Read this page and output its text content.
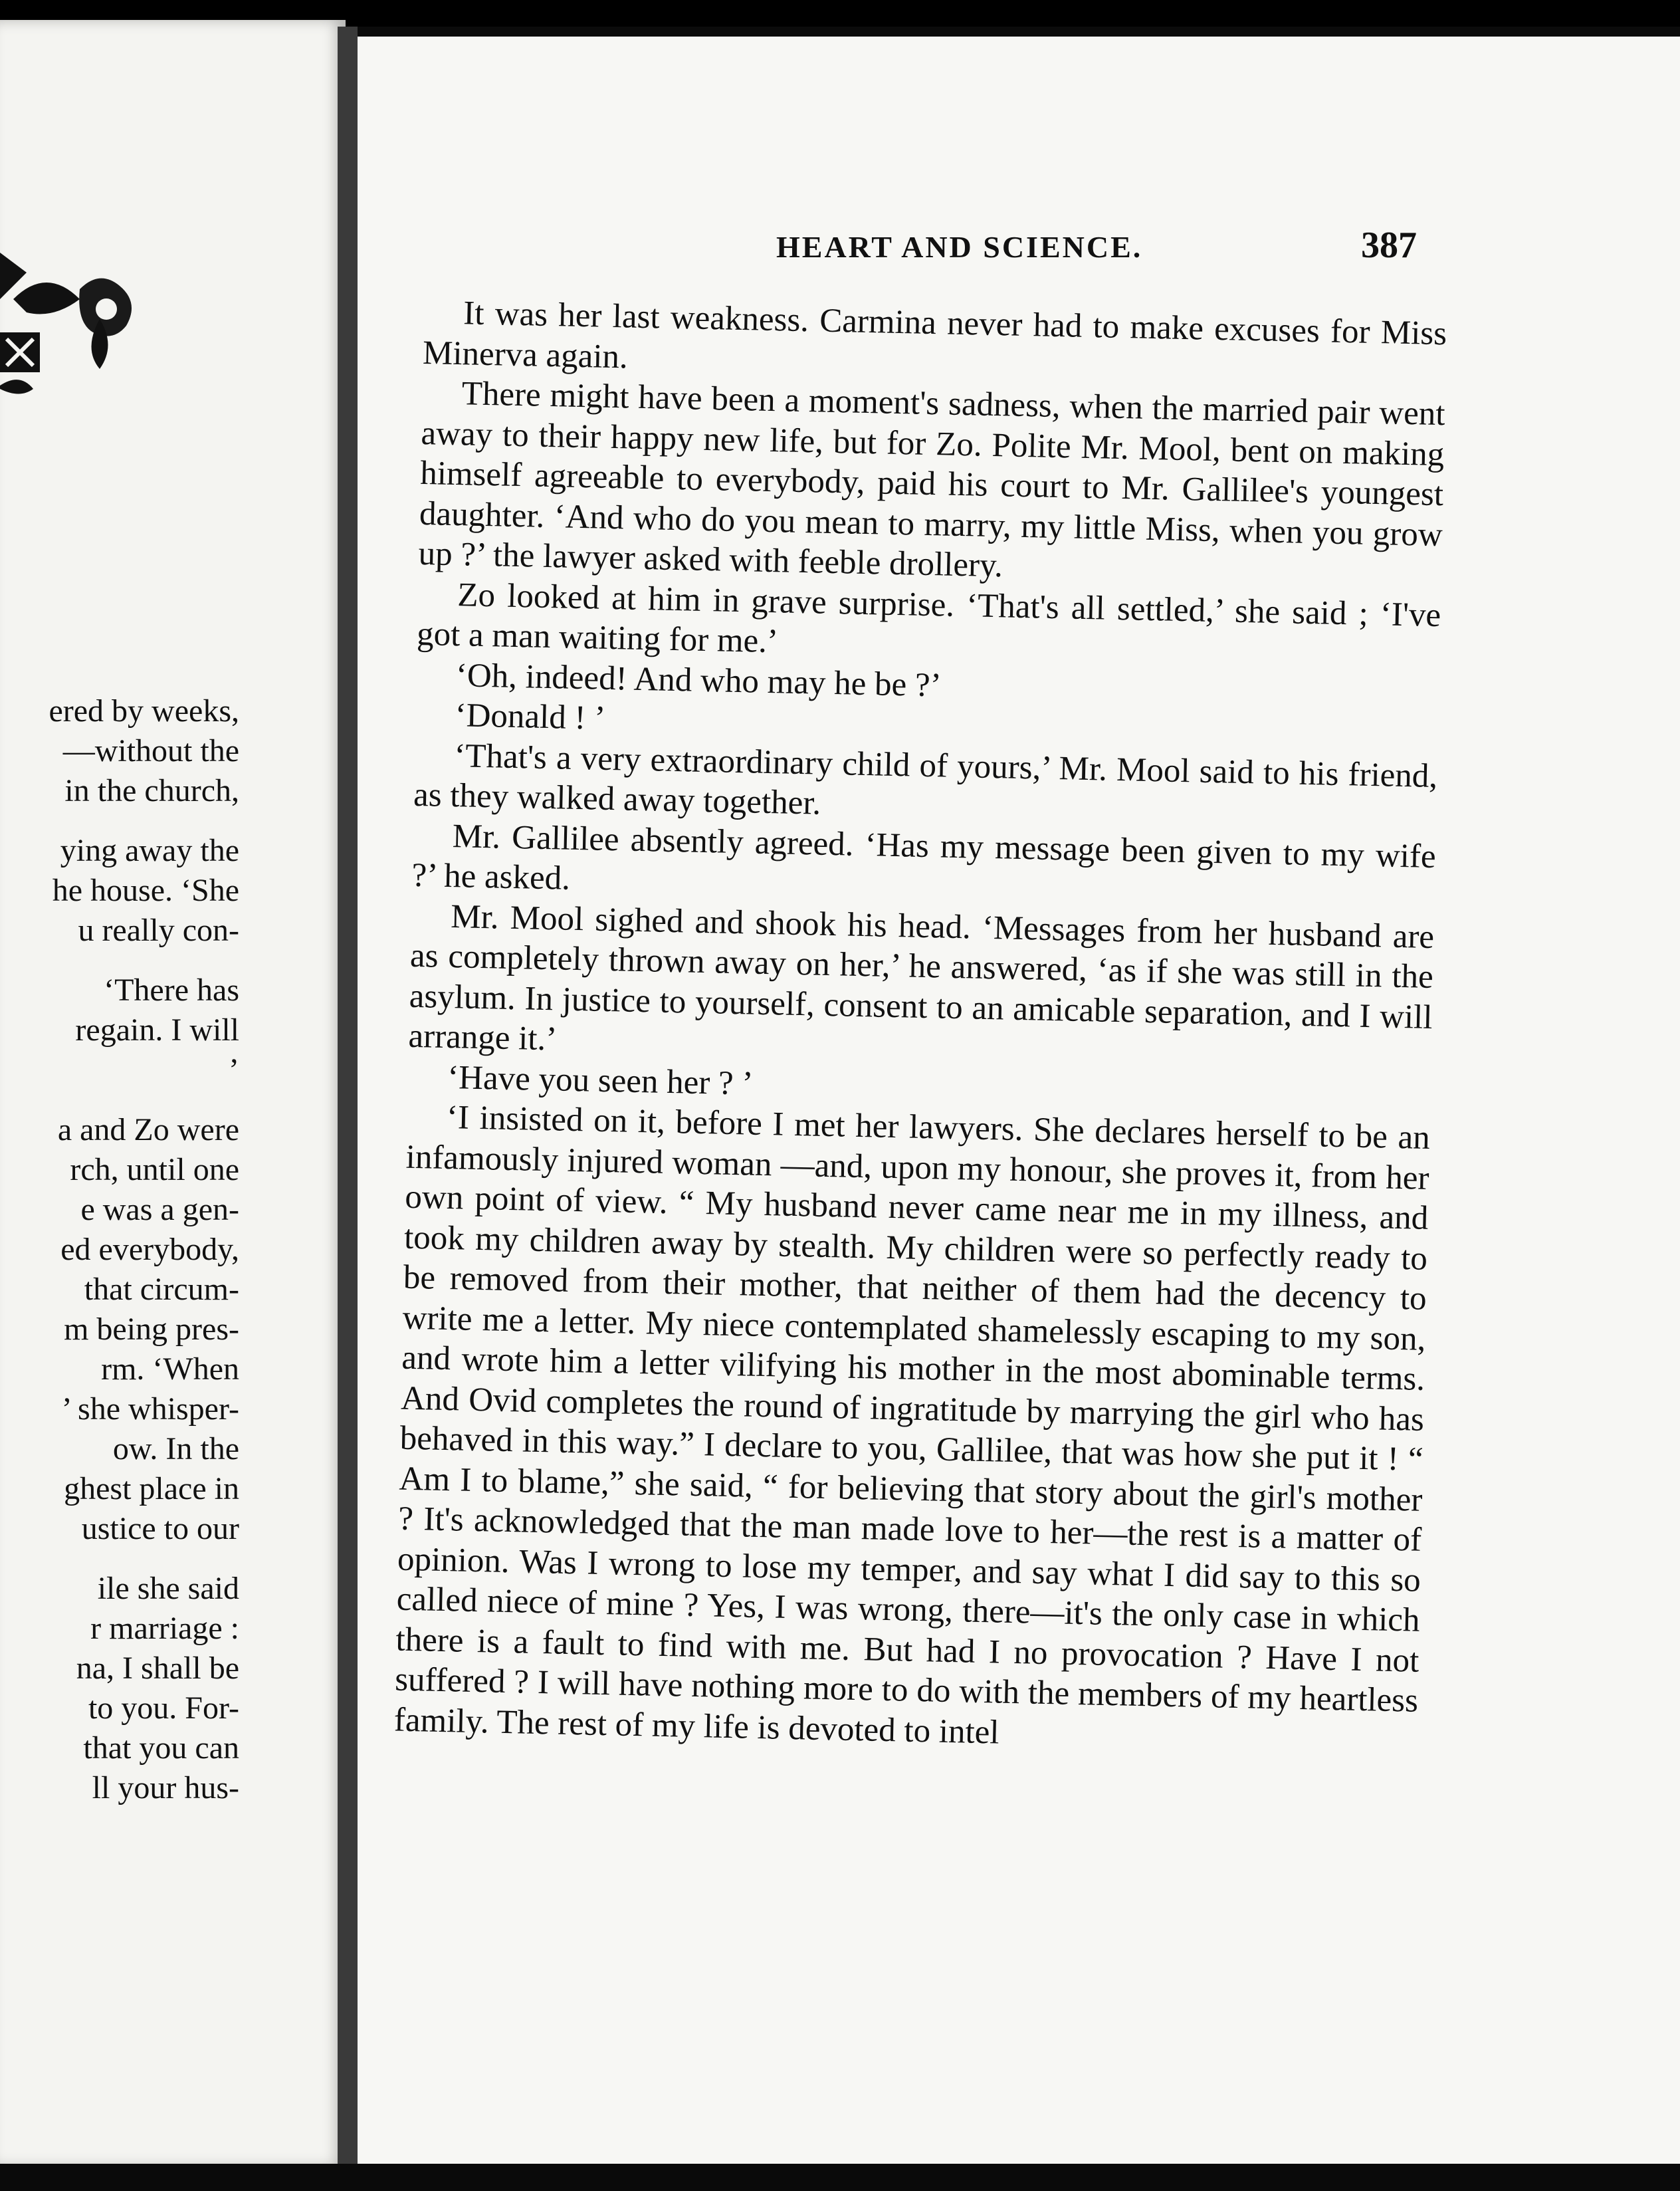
ered by weeks,
—without the
in the church,
ying away the
he house. ‘She
u really con-
‘There has
regain. I will
’
a and Zo were
rch, until one
e was a gen-
ed everybody,
that circum-
m being pres-
rm. ‘When
’ she whisper-
ow. In the
ghest place in
ustice to our
ile she said
r marriage :
na, I shall be
to you. For-
that you can
ll your hus-
HEART AND SCIENCE.	387

It was her last weakness. Carmina never had to make excuses for Miss Minerva again.

There might have been a moment's sadness, when the married pair went away to their happy new life, but for Zo. Polite Mr. Mool, bent on making himself agreeable to everybody, paid his court to Mr. Gallilee's youngest daughter. ‘And who do you mean to marry, my little Miss, when you grow up ?’ the lawyer asked with feeble drollery.

Zo looked at him in grave surprise. ‘That's all settled,’ she said ; ‘I've got a man waiting for me.’

‘Oh, indeed! And who may he be ?’

‘Donald ! ’

‘That's a very extraordinary child of yours,’ Mr. Mool said to his friend, as they walked away together.

Mr. Gallilee absently agreed. ‘Has my message been given to my wife ?’ he asked.

Mr. Mool sighed and shook his head. ‘Messages from her husband are as completely thrown away on her,’ he answered, ‘as if she was still in the asylum. In justice to yourself, consent to an amicable separation, and I will arrange it.’

‘Have you seen her ? ’

‘I insisted on it, before I met her lawyers. She declares herself to be an infamously injured woman —and, upon my honour, she proves it, from her own point of view. “ My husband never came near me in my illness, and took my children away by stealth. My children were so perfectly ready to be removed from their mother, that neither of them had the decency to write me a letter. My niece contemplated shamelessly escaping to my son, and wrote him a letter vilifying his mother in the most abominable terms. And Ovid completes the round of ingratitude by marrying the girl who has behaved in this way.” I declare to you, Gallilee, that was how she put it ! “ Am I to blame,” she said, “ for believing that story about the girl's mother ? It's acknowledged that the man made love to her—the rest is a matter of opinion. Was I wrong to lose my temper, and say what I did say to this so called niece of mine ? Yes, I was wrong, there—it's the only case in which there is a fault to find with me. But had I no provocation ? Have I not suffered ? I will have nothing more to do with the members of my heartless family. The rest of my life is devoted to intel
